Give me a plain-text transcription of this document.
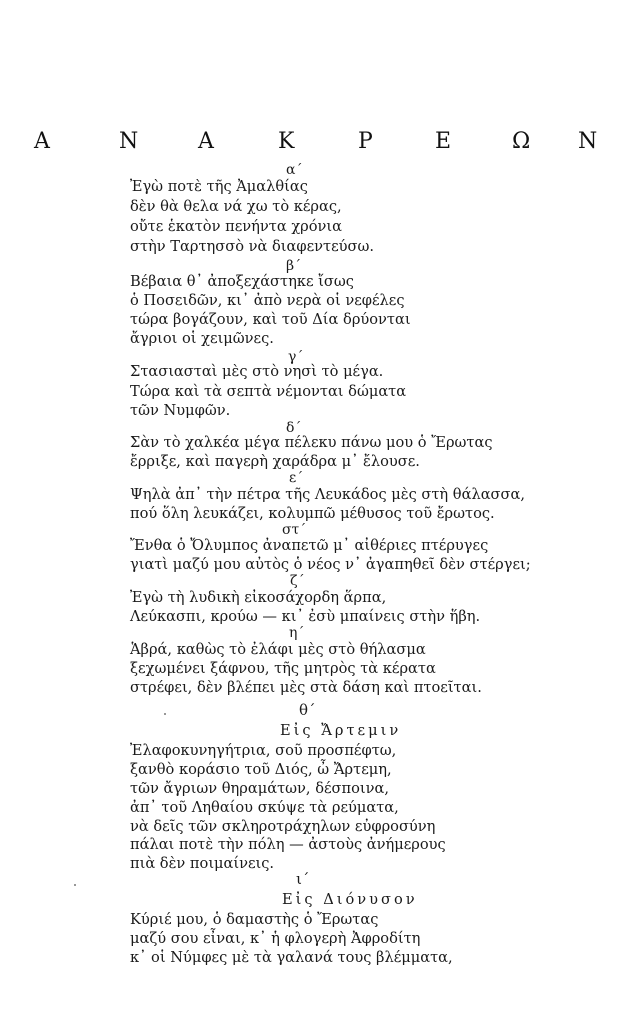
Α	Ν	Α	Κ	Ρ	Ε	Ω Ν
α΄
Ἐγὼ ποτὲ τῆς Ἀμαλθίας
δὲν θὰ θελα νά χω τὸ κέρας,
οὔτε ἑκατὸν πενήντα χρόνια
στὴν Ταρτησσὸ νὰ διαφεντεύσω.
β΄
Βέβαια θ᾿ ἀποξεχάστηκε ἴσως
ὁ Ποσειδῶν, κι᾿ ἀπὸ νερὰ οἱ νεφέλες
τώρα βογάζουν, καὶ τοῦ Δία δρύονται
ἄγριοι οἱ χειμῶνες.
γ΄
Στασιασταὶ μὲς στὸ νησὶ τὸ μέγα.
Τώρα καὶ τὰ σεπτὰ νέμονται δώματα
τῶν Νυμφῶν.
δ΄
Σὰν τὸ χαλκέα μέγα πέλεκυ πάνω μου ὁ Ἔρωτας
ἔρριξε, καὶ παγερὴ χαράδρα μ᾿ ἔλουσε.
ε΄
Ψηλὰ ἀπ᾿ τὴν πέτρα τῆς Λευκάδος μὲς στὴ θάλασσα,
πού ὅλη λευκάζει, κολυμπῶ μέθυσος τοῦ ἔρωτος.
στ΄
Ἔνθα ὁ Ὄλυμπος ἀναπετῶ μ᾿ αἰθέριες πτέρυγες
γιατὶ μαζύ μου αὐτὸς ὁ νέος ν᾿ ἀγαπηθεῖ δὲν στέργει;
ζ΄
Ἐγὼ τὴ λυδικὴ εἰκοσάχορδη ἅρπα,
Λεύκασπι, κρούω — κι᾿ ἐσὺ μπαίνεις στὴν ἥβη.
η΄
Ἁβρά, καθὼς τὸ ἐλάφι μὲς στὸ θήλασμα
ξεχωμένει ξάφνου, τῆς μητρὸς τὰ κέρατα
στρέφει, δὲν βλέπει μὲς στὰ δάση καὶ πτοεῖται.
θ΄
Εἰς Ἄρτεμιν
Ἐλαφοκυνηγήτρια, σοῦ προσπέφτω,
ξανθὸ κοράσιο τοῦ Διός, ὦ Ἄρτεμη,
τῶν ἄγριων θηραμάτων, δέσποινα,
ἀπ᾿ τοῦ Ληθαίου σκύψε τὰ ρεύματα,
νὰ δεῖς τῶν σκληροτράχηλων εὐφροσύνη
πάλαι ποτὲ τὴν πόλη — ἀστοὺς ἀνήμερους
πιὰ δὲν ποιμαίνεις.
ι΄
Εἰς Διόνυσον
Κύριέ μου, ὁ δαμαστὴς ὁ Ἔρωτας
μαζύ σου εἶναι, κ᾿ ἡ φλογερὴ Ἀφροδίτη
κ᾿ οἱ Νύμφες μὲ τὰ γαλανά τους βλέμματα,
